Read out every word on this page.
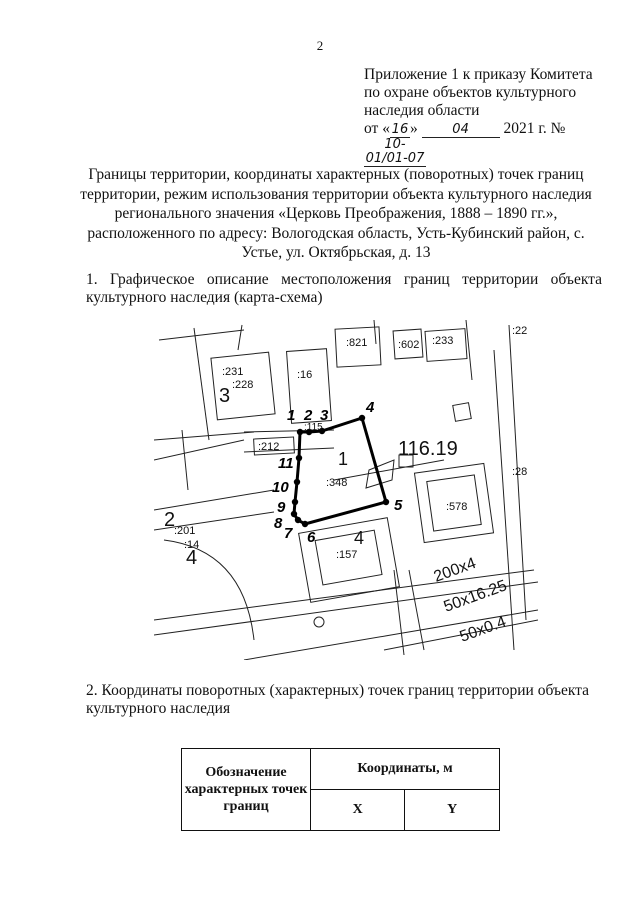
2
Приложение 1 к приказу Комитета
по охране объектов культурного
наследия области
от « 16 »	04 2021 г. №10-01/01-07
Границы территории, координаты характерных (поворотных) точек границ территории, режим использования территории объекта культурного наследия регионального значения «Церковь Преображения, 1888 – 1890 гг.», расположенного по адресу: Вологодская область, Усть-Кубинский район, с. Устье, ул. Октябрьская, д. 13
1. Графическое описание местоположения границ территории объекта культурного наследия (карта-схема)
:231
:228
3
:16
:821	:602 :233
:22
:212
:115
:348
1 116.19
:28
:578
2
:201
:14
4
4
:157	200x4
50x16.25
50x0.4
1 2 3	4
5
6
7
8
9
10
11
2. Координаты поворотных (характерных) точек границ территории объекта культурного наследия
Обозначение характерных точек границ	Координаты, м	
	X	Y
